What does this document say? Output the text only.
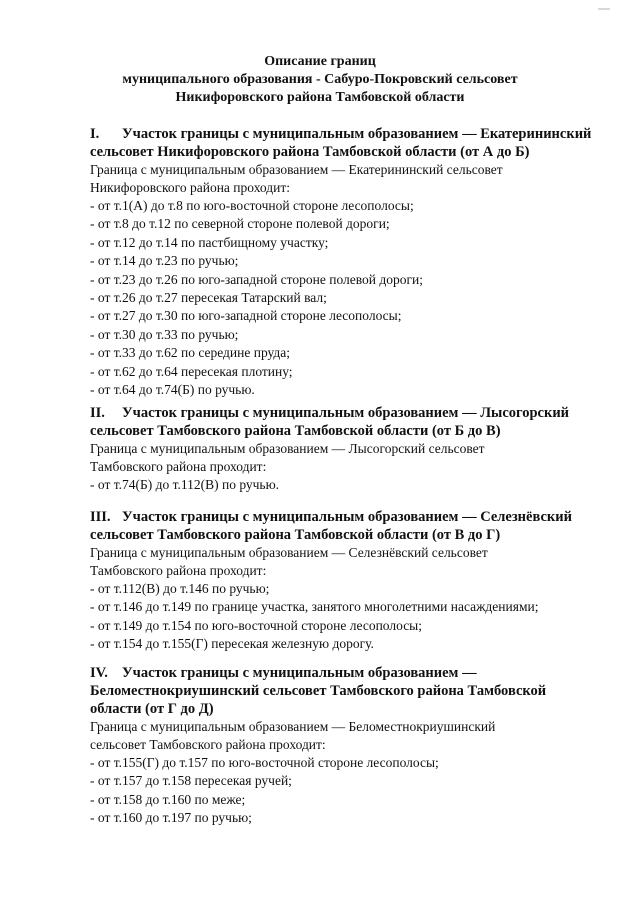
Описание границ
муниципального образования - Сабуро-Покровский сельсовет
Никифоровского района Тамбовской области
I. Участок границы с муниципальным образованием — Екатерининский
сельсовет Никифоровского района Тамбовской области (от А до Б)
Граница с муниципальным образованием — Екатерининский сельсовет
Никифоровского района проходит:
- от т.1(А) до т.8 по юго-восточной стороне лесополосы;
- от т.8 до т.12 по северной стороне полевой дороги;
- от т.12 до т.14 по пастбищному участку;
- от т.14 до т.23 по ручью;
- от т.23 до т.26 по юго-западной стороне полевой дороги;
- от т.26 до т.27 пересекая Татарский вал;
- от т.27 до т.30 по юго-западной стороне лесополосы;
- от т.30 до т.33 по ручью;
- от т.33 до т.62 по середине пруда;
- от т.62 до т.64 пересекая плотину;
- от т.64 до т.74(Б) по ручью.
II. Участок границы с муниципальным образованием — Лысогорский
сельсовет Тамбовского района Тамбовской области (от Б до В)
Граница с муниципальным образованием — Лысогорский сельсовет
Тамбовского района проходит:
- от т.74(Б) до т.112(В) по ручью.
III. Участок границы с муниципальным образованием — Селезнёвский
сельсовет Тамбовского района Тамбовской области (от В до Г)
Граница с муниципальным образованием — Селезнёвский сельсовет
Тамбовского района проходит:
- от т.112(В) до т.146 по ручью;
- от т.146 до т.149 по границе участка, занятого многолетними насаждениями;
- от т.149 до т.154 по юго-восточной стороне лесополосы;
- от т.154 до т.155(Г) пересекая железную дорогу.
IV. Участок границы с муниципальным образованием —
Беломестнокриушинский сельсовет Тамбовского района Тамбовской
области (от Г до Д)
Граница с муниципальным образованием — Беломестнокриушинский
сельсовет Тамбовского района проходит:
- от т.155(Г) до т.157 по юго-восточной стороне лесополосы;
- от т.157 до т.158 пересекая ручей;
- от т.158 до т.160 по меже;
- от т.160 до т.197 по ручью;
